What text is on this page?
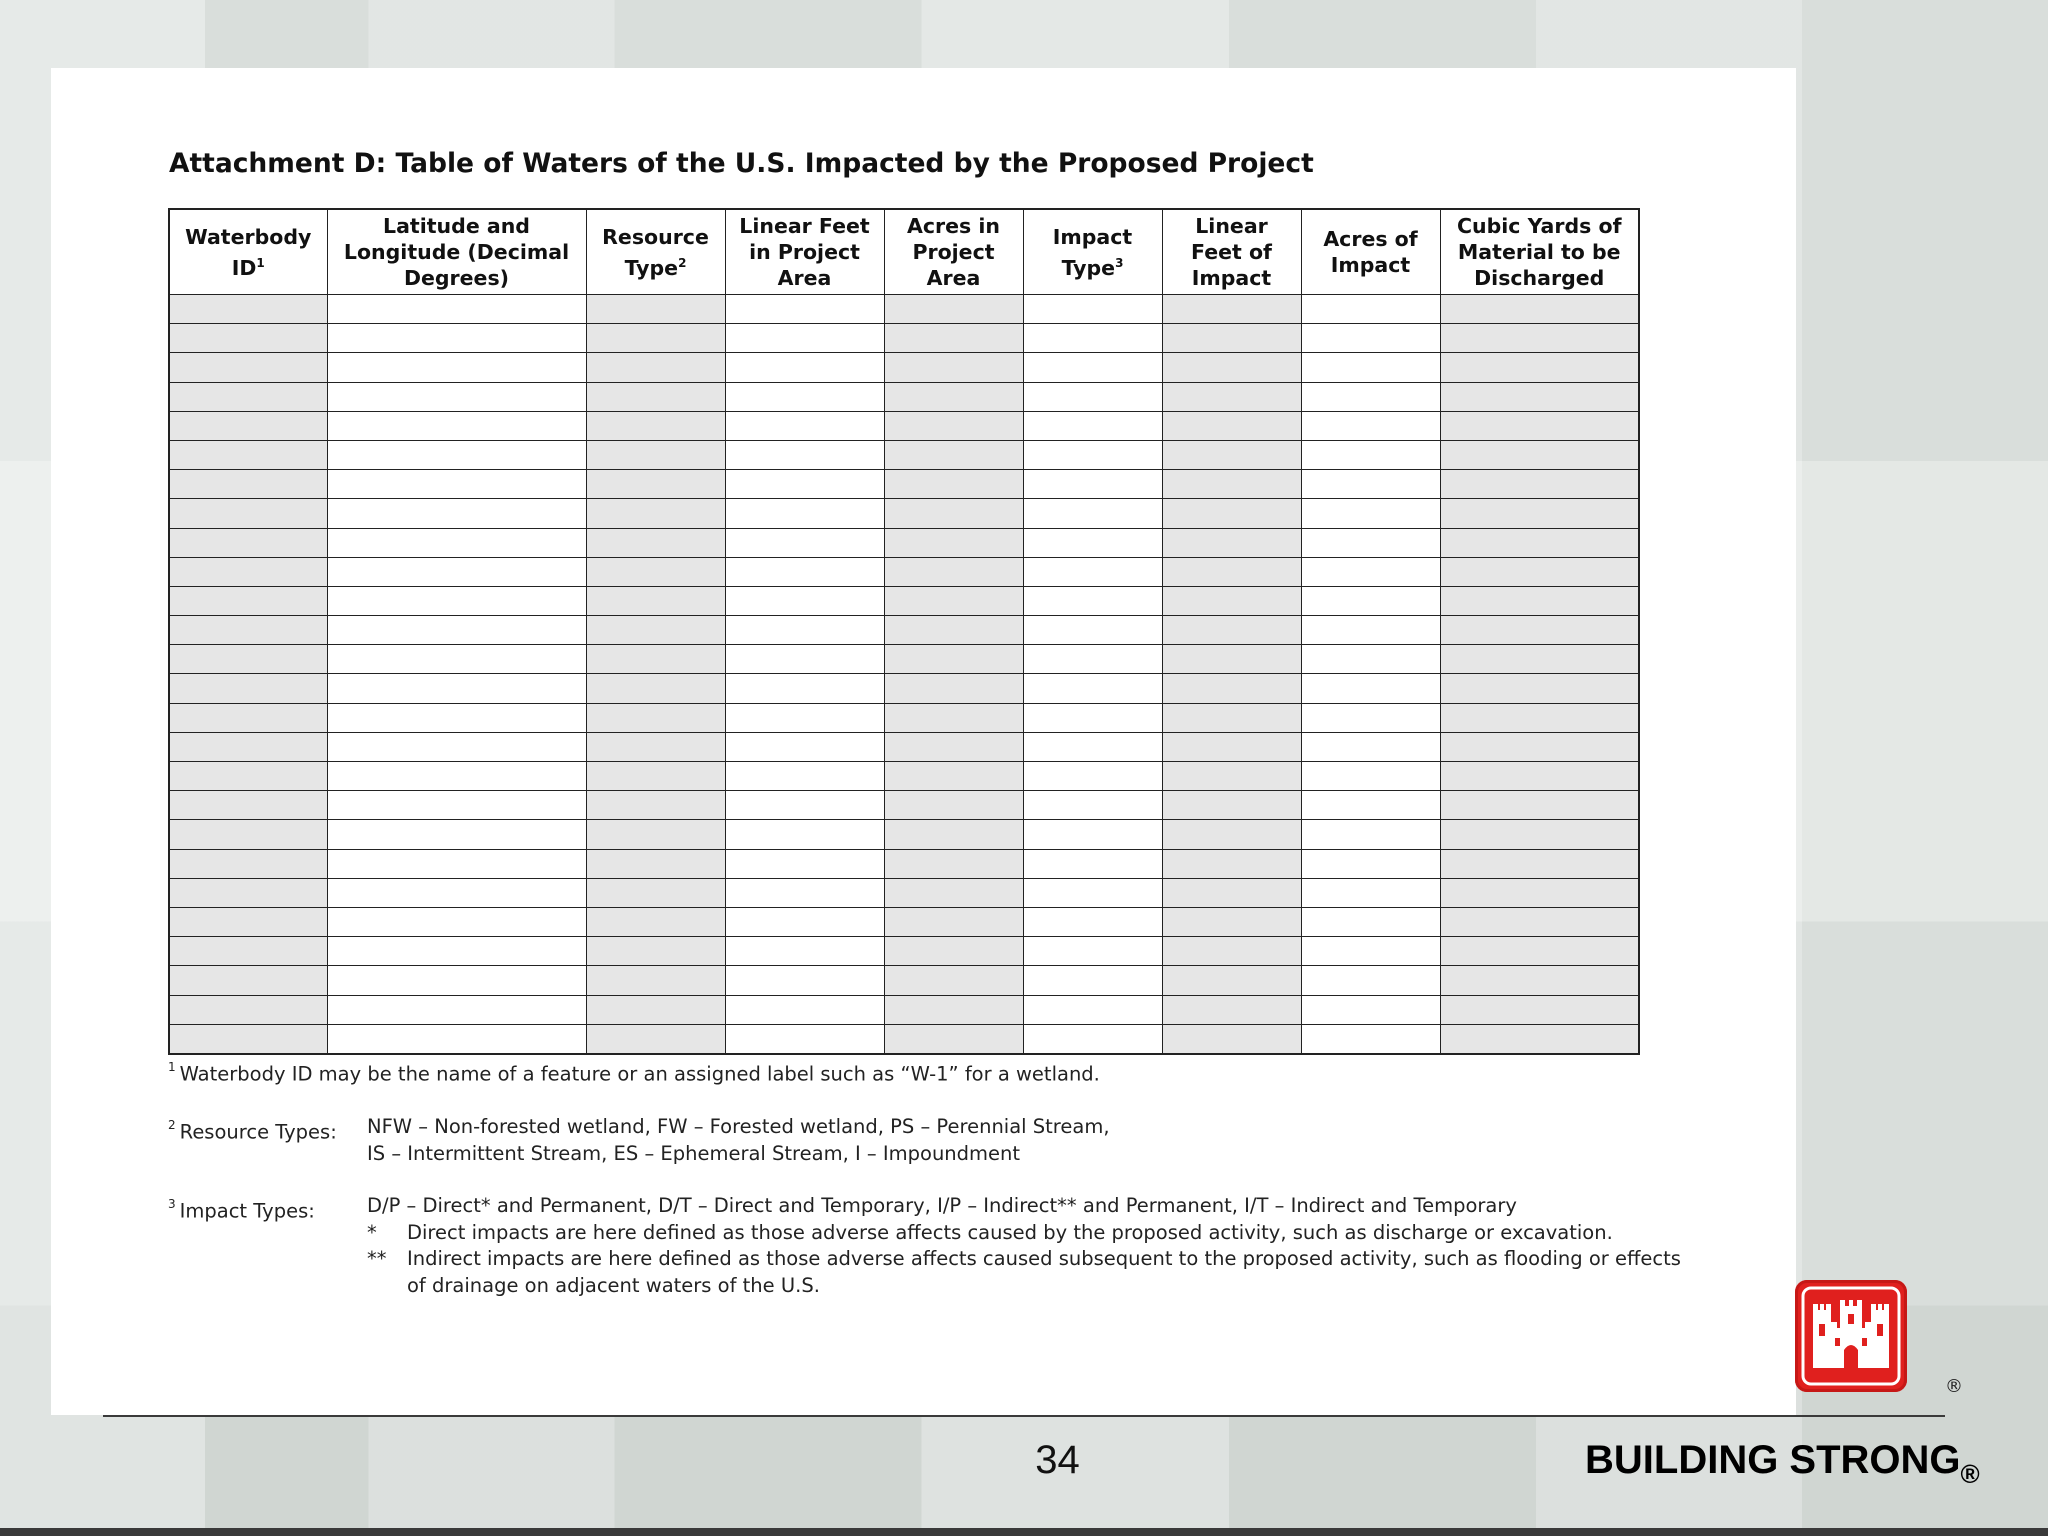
Attachment D: Table of Waters of the U.S. Impacted by the Proposed Project
Waterbody $ID^1$	Latitude and Longitude (Decimal Degrees)	Resource Type$^2$	Linear Feet in Project Area	Acres in Project Area	Impact Type$^3$	Linear Feet of Impact	Acres of Impact	Cubic Yards of Material to be Discharged

$^1$ Waterbody ID may be the name of a feature or an assigned label such as “W-1” for a wetland.
$^2$ Resource Types: NFW – Non-forested wetland, FW – Forested wetland, PS – Perennial Stream,
IS – Intermittent Stream, ES – Ephemeral Stream, I – Impoundment
$^3$ Impact Types:	D/P – Direct* and Permanent, D/T – Direct and Temporary, I/P – Indirect** and Permanent, I/T – Indirect and Temporary
*	Direct impacts are here defined as those adverse affects caused by the proposed activity, such as discharge or excavation.
**	Indirect impacts are here defined as those adverse affects caused subsequent to the proposed activity, such as flooding or effects of drainage on adjacent waters of the U.S.
®
34	BUILDING $STRONG_®$
